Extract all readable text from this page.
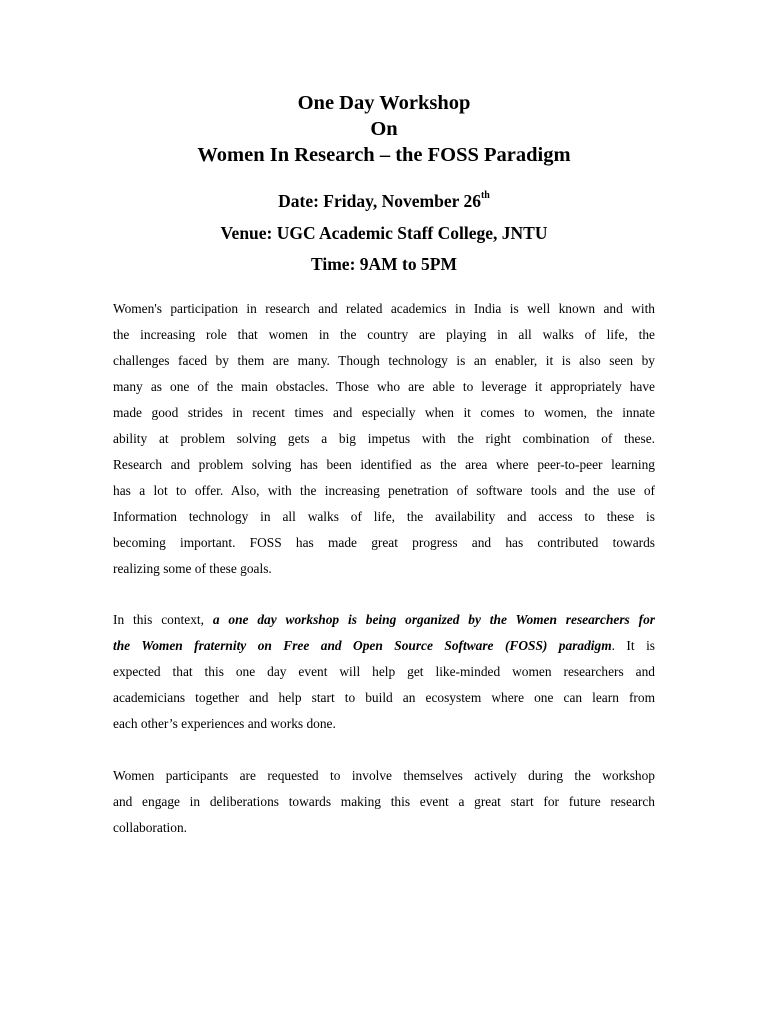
One Day Workshop
On
Women In Research – the FOSS Paradigm
Date: Friday, November 26th
Venue: UGC Academic Staff College, JNTU
Time: 9AM to 5PM
Women's participation in research and related academics in India is well known and with
the increasing role that women in the country are playing in all walks of life, the
challenges faced by them are many. Though technology is an enabler, it is also seen by
many as one of the main obstacles. Those who are able to leverage it appropriately have
made good strides in recent times and especially when it comes to women, the innate
ability at problem solving gets a big impetus with the right combination of these.
Research and problem solving has been identified as the area where peer-to-peer learning
has a lot to offer. Also, with the increasing penetration of software tools and the use of
Information technology in all walks of life, the availability and access to these is
becoming important. FOSS has made great progress and has contributed towards
realizing some of these goals.
In this context, a one day workshop is being organized by the Women researchers for
the Women fraternity on Free and Open Source Software (FOSS) paradigm. It is
expected that this one day event will help get like-minded women researchers and
academicians together and help start to build an ecosystem where one can learn from
each other’s experiences and works done.
Women participants are requested to involve themselves actively during the workshop
and engage in deliberations towards making this event a great start for future research
collaboration.
